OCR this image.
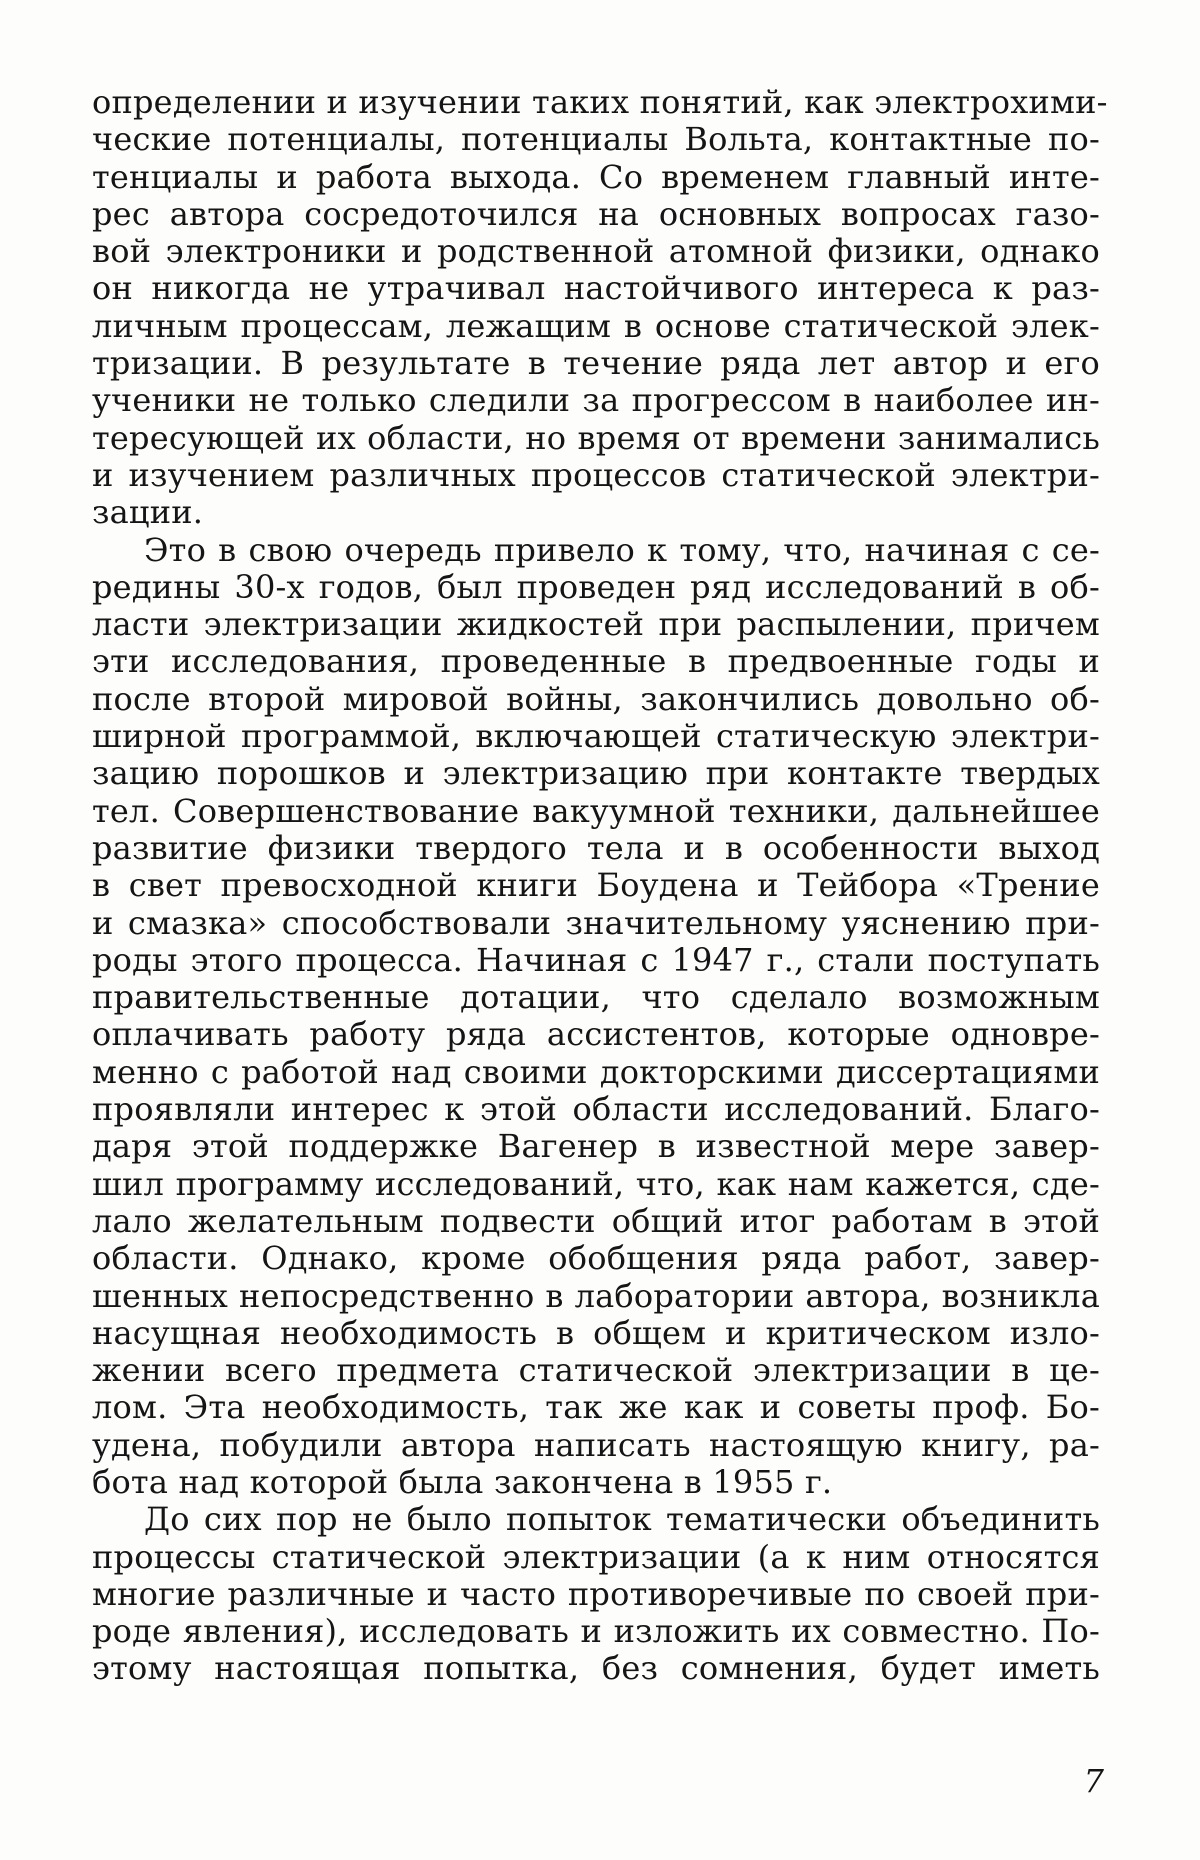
определении и изучении таких понятий, как электрохими-
ческие потенциалы, потенциалы Вольта, контактные по-
тенциалы и работа выхода. Со временем главный инте-
рес автора сосредоточился на основных вопросах газо-
вой электроники и родственной атомной физики, однако
он никогда не утрачивал настойчивого интереса к раз-
личным процессам, лежащим в основе статической элек-
тризации. В результате в течение ряда лет автор и его
ученики не только следили за прогрессом в наиболее ин-
тересующей их области, но время от времени занимались
и изучением различных процессов статической электри-
зации.
Это в свою очередь привело к тому, что, начиная с се-
редины 30-х годов, был проведен ряд исследований в об-
ласти электризации жидкостей при распылении, причем
эти исследования, проведенные в предвоенные годы и
после второй мировой войны, закончились довольно об-
ширной программой, включающей статическую электри-
зацию порошков и электризацию при контакте твердых
тел. Совершенствование вакуумной техники, дальнейшее
развитие физики твердого тела и в особенности выход
в свет превосходной книги Боудена и Тейбора «Трение
и смазка» способствовали значительному уяснению при-
роды этого процесса. Начиная с 1947 г., стали поступать
правительственные дотации, что сделало возможным
оплачивать работу ряда ассистентов, которые одновре-
менно с работой над своими докторскими диссертациями
проявляли интерес к этой области исследований. Благо-
даря этой поддержке Вагенер в известной мере завер-
шил программу исследований, что, как нам кажется, сде-
лало желательным подвести общий итог работам в этой
области. Однако, кроме обобщения ряда работ, завер-
шенных непосредственно в лаборатории автора, возникла
насущная необходимость в общем и критическом изло-
жении всего предмета статической электризации в це-
лом. Эта необходимость, так же как и советы проф. Бо-
удена, побудили автора написать настоящую книгу, ра-
бота над которой была закончена в 1955 г.
До сих пор не было попыток тематически объединить
процессы статической электризации (а к ним относятся
многие различные и часто противоречивые по своей при-
роде явления), исследовать и изложить их совместно. По-
этому настоящая попытка, без сомнения, будет иметь
7
